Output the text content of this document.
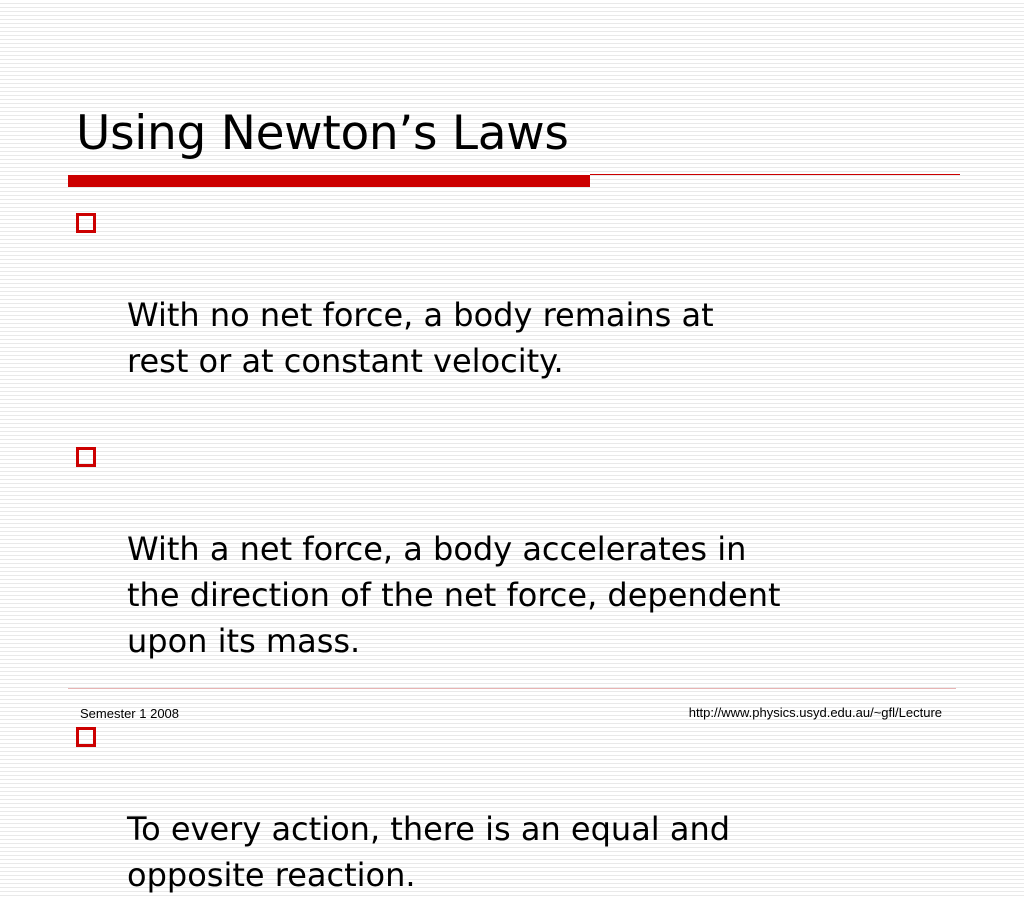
Using Newton’s Laws

With no net force, a body remains at
rest or at constant velocity.

With a net force, a body accelerates in
the direction of the net force, dependent
upon its mass.

To every action, there is an equal and
opposite reaction.

Semester 1 2008	http://www.physics.usyd.edu.au/~gfl/Lecture
